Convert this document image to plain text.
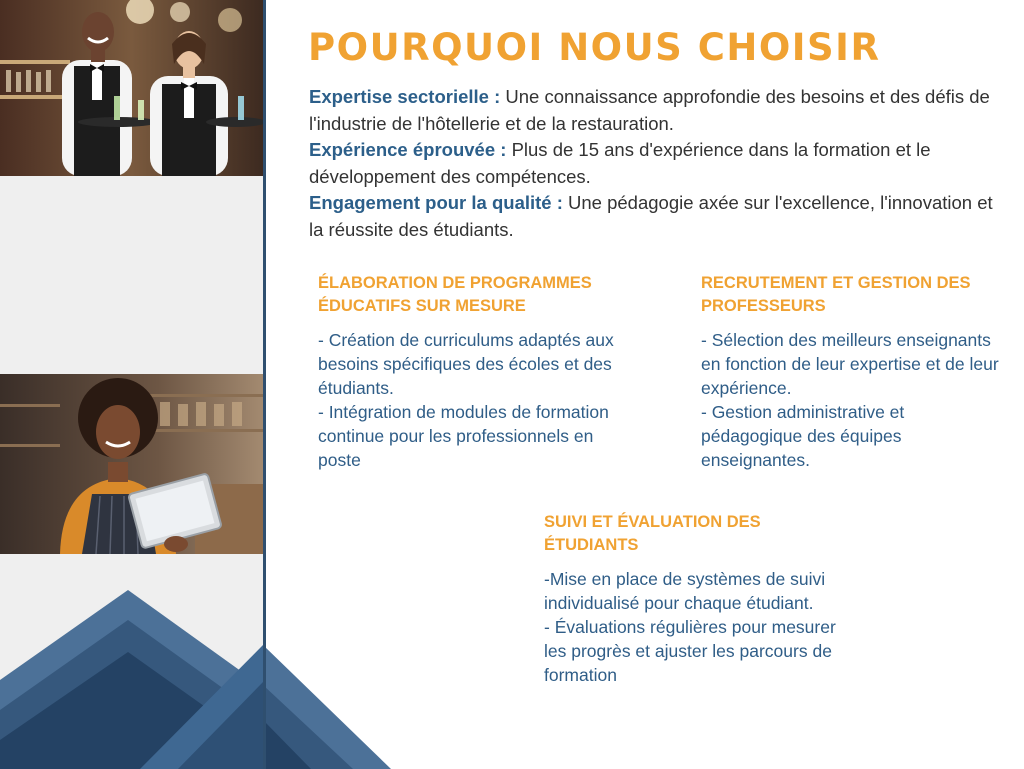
POURQUOI NOUS CHOISIR

Expertise sectorielle : Une connaissance approfondie des besoins et des défis de l'industrie de l'hôtellerie et de la restauration.

Expérience éprouvée : Plus de 15 ans d'expérience dans la formation et le développement des compétences.

Engagement pour la qualité : Une pédagogie axée sur l'excellence, l'innovation et la réussite des étudiants.

ÉLABORATION DE PROGRAMMES ÉDUCATIFS SUR MESURE

- Création de curriculums adaptés aux besoins spécifiques des écoles et des étudiants.

- Intégration de modules de formation continue pour les professionnels en poste

RECRUTEMENT ET GESTION DES PROFESSEURS

- Sélection des meilleurs enseignants en fonction de leur expertise et de leur expérience.

- Gestion administrative et pédagogique des équipes enseignantes.

SUIVI ET ÉVALUATION DES ÉTUDIANTS

-Mise en place de systèmes de suivi individualisé pour chaque étudiant.

- Évaluations régulières pour mesurer les progrès et ajuster les parcours de formation
